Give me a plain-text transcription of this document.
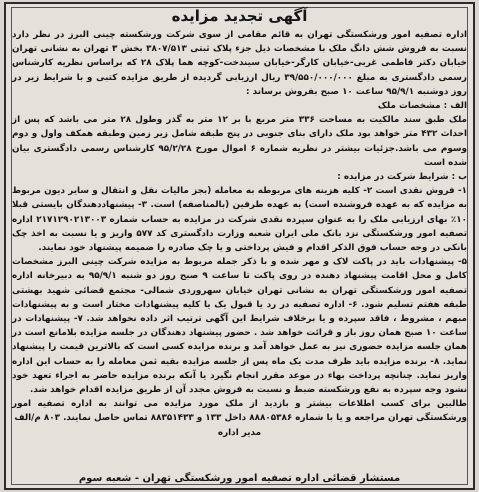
آگهی تجدید مزایده

اداره تصفیه امور ورشکستگی تهران به قائم مقامی از سوی شرکت ورشکسته چینی البرز در نظر دارد نسبت به فروش شش دانگ ملک با مشخصات ذیل جزء پلاک ثبتی ۳۸۰۷/۵۱۳ بخش ۳ تهران به نشانی تهران خیابان دکتر فاطمی غربی-خیابان کارگر-خیابان سیندخت-کوچه هما پلاک ۲۸ که براساس نظریه کارشناس رسمی دادگستری به مبلغ ۳۹/۵۵۰/۰۰۰/۰۰۰ ریال ارزیابی گردیده از طریق مزایده کتبی و با شرایط زیر در روز دوشنبه ۹۵/۹/۱ ساعت ۱۰ صبح بفروش برساند :

الف : مشخصات ملک

ملک طبق سند مالکیت به مساحت ۳۳۶ متر مربع با بر ۱۲ متر به گذر وطول ۲۸ متر می باشد که پس از احداث ۴۳۲ متر خواهد بود ملک دارای بنای جنوبی در پنج طبقه شامل زیر زمین وطبقه همکف واول و دوم وسوم می باشد.جزئیات بیشتر در نظریه شماره ۶ اموال مورخ ۹۵/۲/۲۸ کارشناس رسمی دادگستری بیان شده است

ب : شرایط شرکت در مزایده :

۱- فروش نقدی است ۲- کلیه هزینه های مربوطه به معامله (بجز مالیات نقل و انتقال و سایر دیون مربوط به مزایده که به عهده فروشنده است) به عهده طرفین (بالمناصفه) است. ۳- پیشنهاددهندگان بایستی قبلا ۱۰٪ بهای ارزیابی ملک را به عنوان سپرده نقدی شرکت در مزایده به حساب شماره ۲۱۷۱۲۹۰۲۱۳۰۰۳ اداره تصفیه امور ورشکستگی نزد بانک ملی ایران شعبه وزارت دادگستری کد ۵۷۷ واریز و یا نسبت به اخذ چک بانکی در وجه حساب فوق الذکر اقدام و فیش پرداختی و یا چک صادره را ضمیمه پیشنهاد خود نمایند.

۵- پیشنهادات باید در پاکت لاک و مهر شده و با ذکر جمله مربوط به مزایده شرکت چینی البرز مشخصات کامل و محل اقامت پیشنهاد دهنده در روی پاکت تا ساعت ۹ صبح روز دو شنبه ۹۵/۹/۱ به دبیرخانه اداره تصفیه امور ورشکستگی تهران به نشانی تهران خیابان سهروردی شمالی- مجتمع قضائی شهید بهشتی طبقه هفتم تسلیم شود. ۶- اداره تصفیه در رد یا قبول یک یا کلیه پیشنهادات مختار است و به پیشنهادات مبهم ، مشروط ، فاقد سپرده و یا برخلاف شرایط این آگهی ترتیب اثر داده نخواهد شد. ۷- پیشنهادات در ساعت ۱۰ صبح همان روز باز و قرائت خواهد شد . حضور پیشنهاد دهندگان در جلسه مزایده بلامانع است در همان جلسه مزایده حضوری نیز به عمل خواهد آمد و برنده مزایده کسی است که بالاترین قیمت را پیشنهاد نماید. ۸- برنده مزایده باید ظرف مدت یک ماه پس از جلسه مزایده بقیه ثمن معامله را به حساب این اداره واریز نماید. چنانچه پرداخت بهاء در موعد مقرر انجام نگیرد یا آنکه برنده مزایده حاضر به اجراء تعهد خود نشود وجه سپرده به نفع ورشکسته ضبط و نسبت به فروش مجدد آن از طریق مزایده اقدام خواهد شد.

طالبین برای کسب اطلاعات بیشتر و بازدید از ملک مورد مزایده می توانند به اداره تصفیه امور ورشکستگی تهران مراجعه و یا با شماره ۸۸۸۰۵۳۸۶ داخل ۱۳۳ و ۸۸۳۵۱۴۳۳ تماس حاصل نمایند. ۸۰۳ م/الف

مدیر اداره

مستشار قضائی اداره تصفیه امور ورشکستگی تهران - شعبه سوم
